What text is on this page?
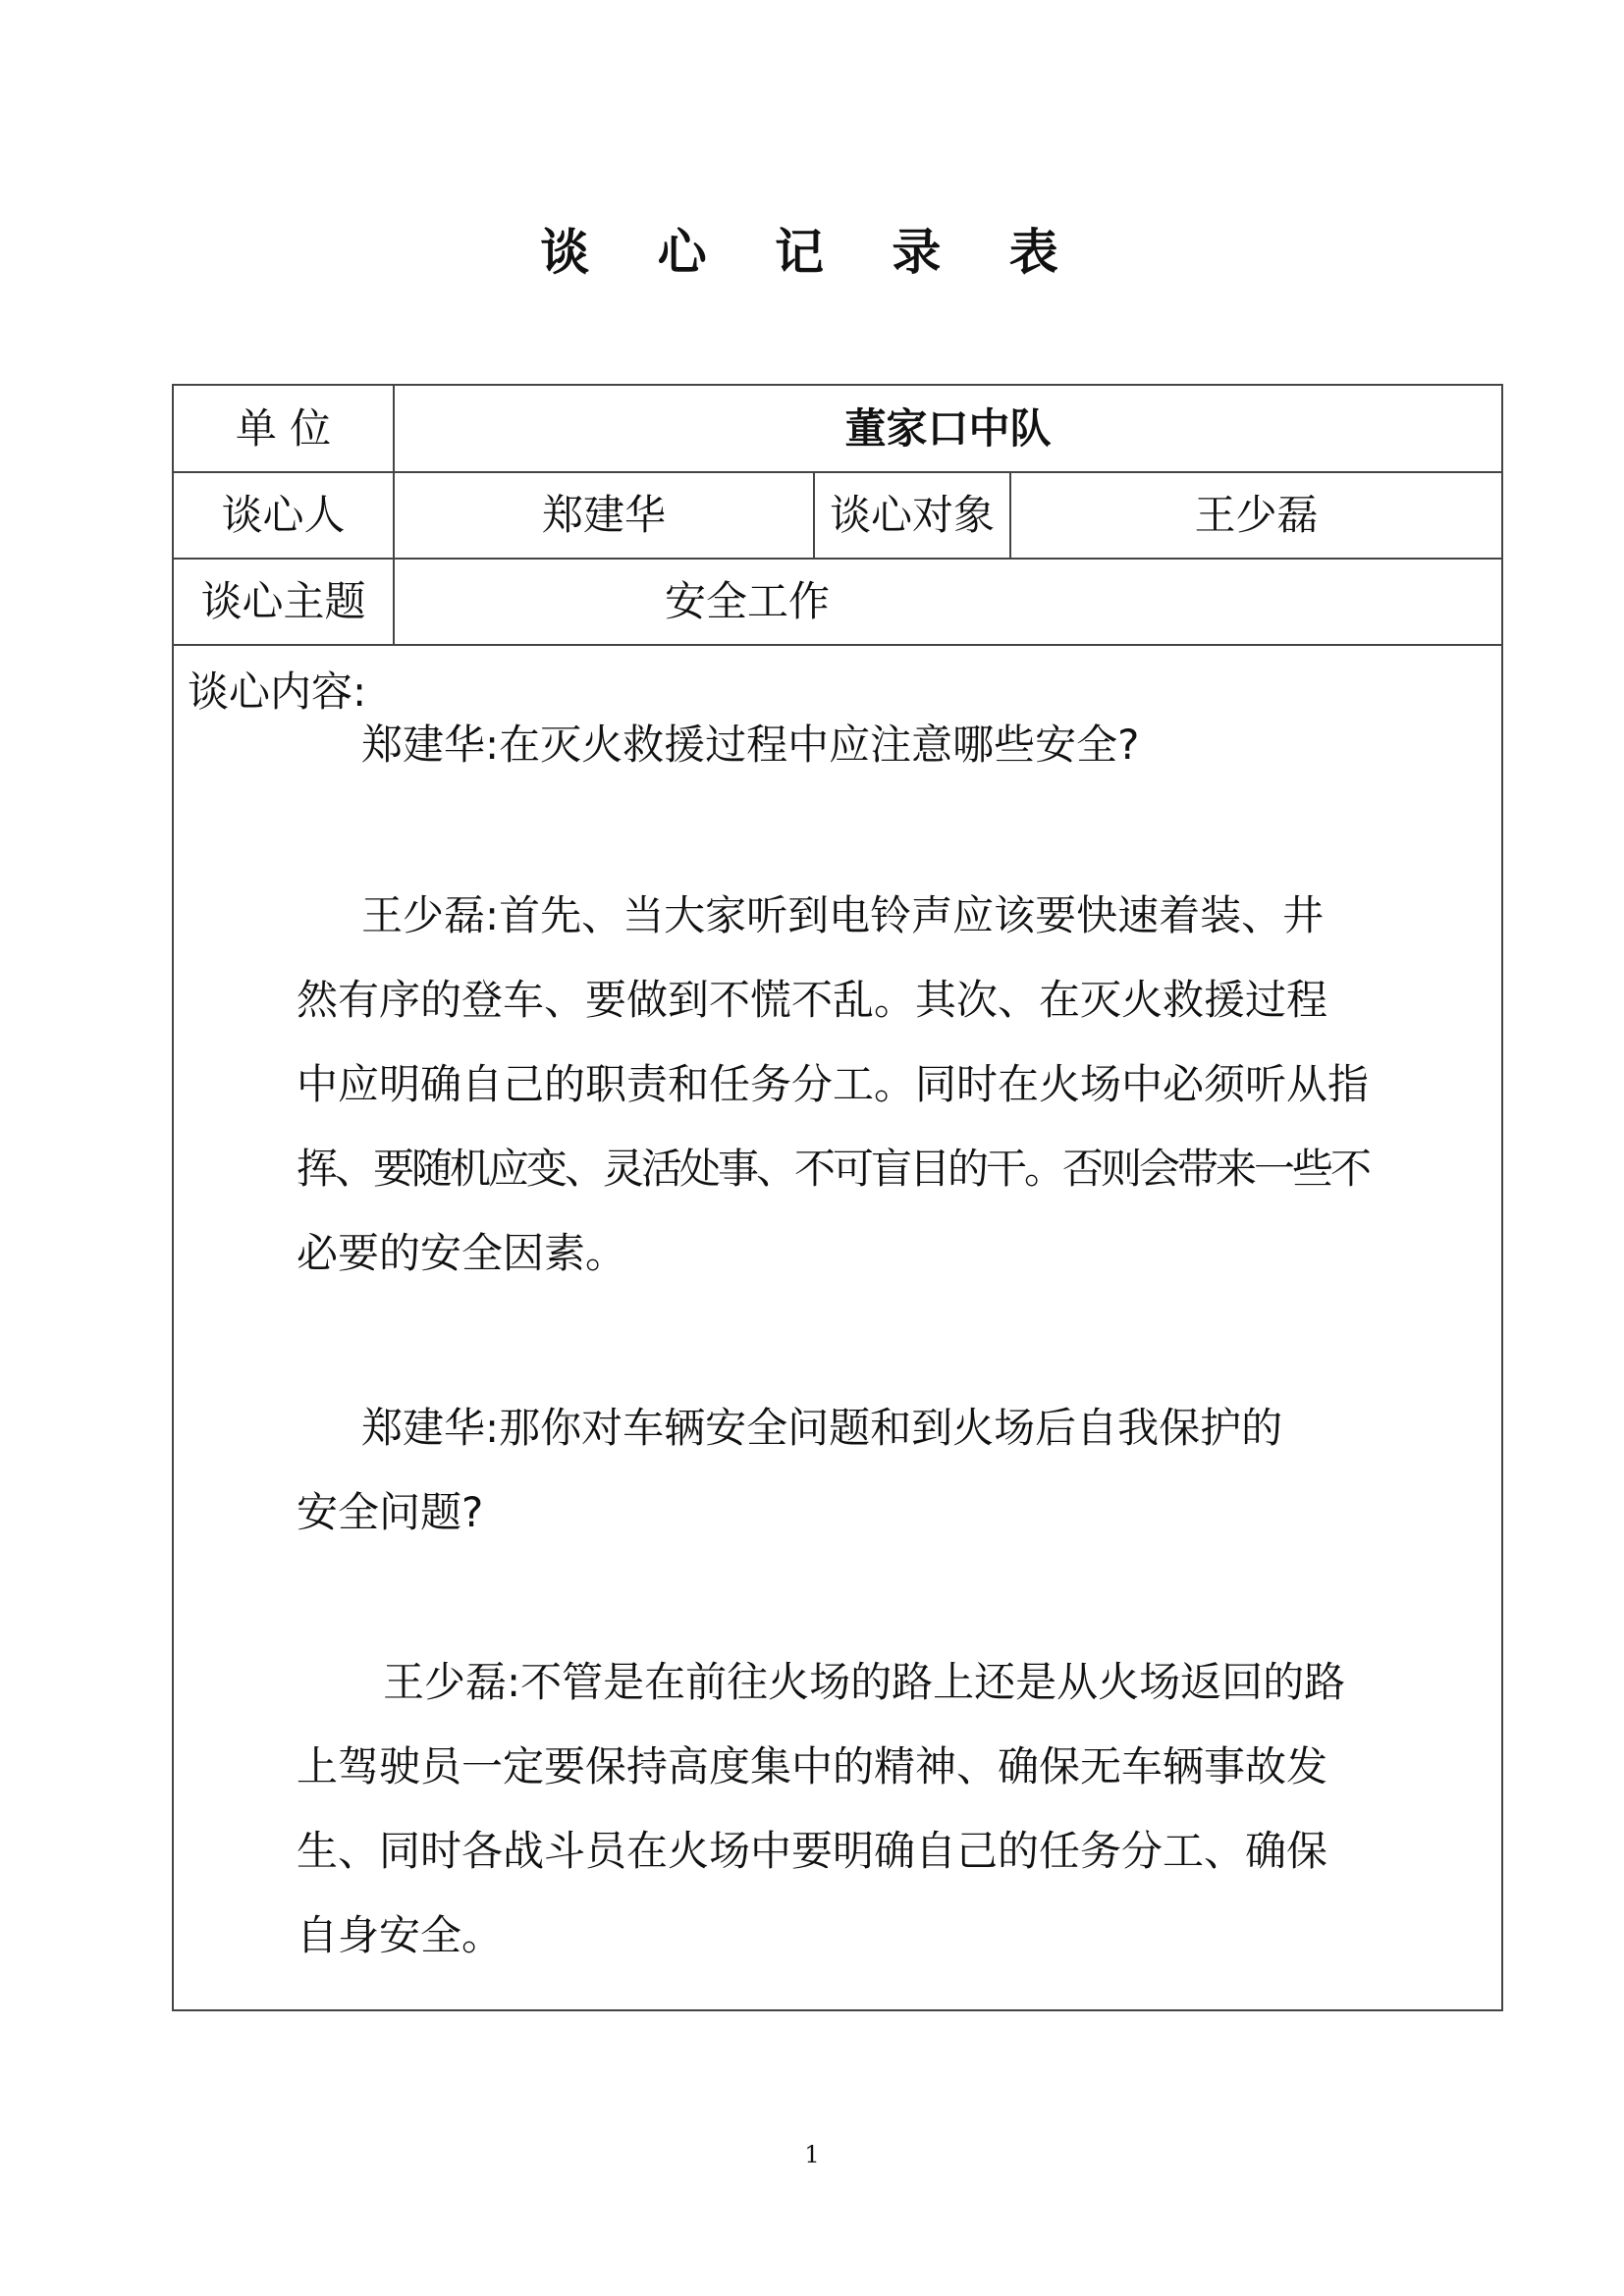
谈 心 记 录 表
单 位	董家口中队
谈心人	郑建华	谈心对象	王少磊
谈心主题	安全工作
谈心内容:
郑建华:在灭火救援过程中应注意哪些安全?
王少磊:首先、当大家听到电铃声应该要快速着装、井
然有序的登车、要做到不慌不乱。其次、在灭火救援过程
中应明确自己的职责和任务分工。同时在火场中必须听从指
挥、要随机应变、灵活处事、不可盲目的干。否则会带来一些不
必要的安全因素。
郑建华:那你对车辆安全问题和到火场后自我保护的
安全问题?
王少磊:不管是在前往火场的路上还是从火场返回的路
上驾驶员一定要保持高度集中的精神、确保无车辆事故发
生、同时各战斗员在火场中要明确自己的任务分工、确保
自身安全。
1
